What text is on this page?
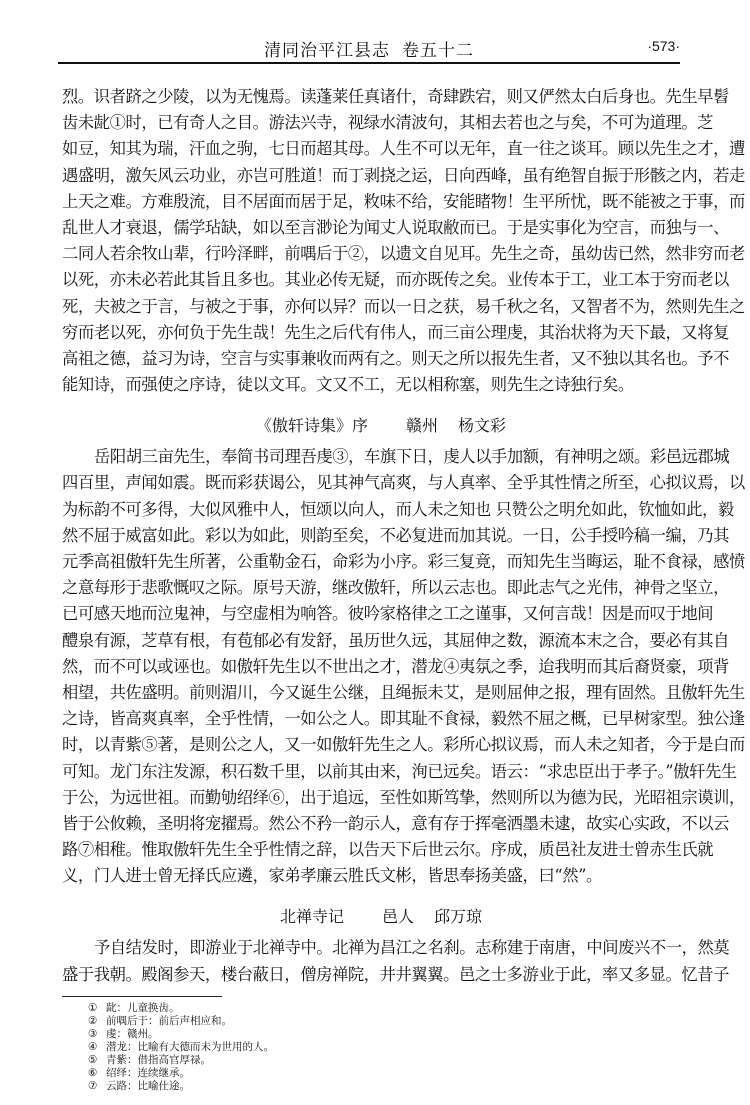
清同治平江县志 卷五十二	·573·
烈。识者跻之少陵，以为无愧焉。读蓬莱任真诸什，奇肆跌宕，则又俨然太白后身也。先生早髫
齿未龀①时，已有奇人之目。游法兴寺，视绿水清波句，其相去若也之与矣，不可为道理。芝
如豆，知其为瑞，汗血之驹，七日而超其母。人生不可以无年，直一往之谈耳。顾以先生之才，遭
遇盛明，激矢风云功业，亦岂可胜道！而丁剥挠之运，日向西峰，虽有绝智自振于形骸之内，若走
上天之难。方难殷流，目不居面而居于足，敉味不给，安能睹物！生平所忧，既不能被之于事，而
乱世人才衰退，儒学玷缺，如以至言渺论为闻丈人说取敝而已。于是实事化为空言，而独与一、
二同人若余牧山辈，行吟泽畔，前喁后于②，以遗文自见耳。先生之奇，虽幼齿已然，然非穷而老
以死，亦未必若此其旨且多也。其业必传无疑，而亦既传之矣。业传本于工，业工本于穷而老以
死，夫被之于言，与被之于事，亦何以异？而以一日之获，易千秋之名，又智者不为，然则先生之
穷而老以死，亦何负于先生哉！先生之后代有伟人，而三亩公理虔，其治状将为天下最，又将复
高祖之德，益习为诗，空言与实事兼收而两有之。则天之所以报先生者，又不独以其名也。予不
能知诗，而强使之序诗，徒以文耳。文又不工，无以相称塞，则先生之诗独行矣。
《傲轩诗集》序 赣州 杨文彩
岳阳胡三亩先生，奉简书司理吾虔③，车旗下日，虔人以手加额，有神明之颂。彩邑远郡城
四百里，声闻如震。既而彩获谒公，见其神气高爽，与人真率、全乎其性情之所至，心拟议焉，以
为标韵不可多得，大似风雅中人，恒颂以向人，而人未之知也 只赞公之明允如此，钦恤如此，毅
然不屈于威富如此。彩以为如此，则韵至矣，不必复进而加其说。一日，公手授吟稿一编，乃其
元季高祖傲轩先生所著，公重勒金石，命彩为小序。彩三复竟，而知先生当晦运，耻不食禄，感愤
之意每形于悲歌慨叹之际。原号天游，继改傲轩，所以云志也。即此志气之光伟，神骨之坚立，
已可感天地而泣鬼神，与空虚相为响答。彼吟家格律之工之谨事，又何言哉！因是而叹于地间
醴泉有源，芝草有根，有苞郁必有发舒，虽历世久远，其屈伸之数，源流本末之合，要必有其自
然，而不可以或诬也。如傲轩先生以不世出之才，潜龙④夷氛之季，迨我明而其后裔贤豪，项背
相望，共佐盛明。前则湄川，今又诞生公继，且绳振未艾，是则屈伸之报，理有固然。且傲轩先生
之诗，皆高爽真率，全乎性情，一如公之人。即其耻不食禄，毅然不屈之概，已早树家型。独公逢
时，以青紫⑤著，是则公之人，又一如傲轩先生之人。彩所心拟议焉，而人未之知者，今于是白而
可知。龙门东注发源，积石数千里，以前其由来，洵已远矣。语云：“求忠臣出于孝子。”傲轩先生
于公，为远世祖。而勤劬绍绎⑥，出于追远，至性如斯笃挚，然则所以为德为民，光昭祖宗谟训，
皆于公攸赖，圣明将宠擢焉。然公不矜一韵示人，意有存于挥毫洒墨未逮，故实心实政，不以云
路⑦相稚。惟取傲轩先生全乎性情之辞，以告天下后世云尔。序成，质邑社友进士曾赤生氏就
义，门人进士曾无择氏应遴，家弟孝廉云胜氏文彬，皆思奉扬美盛，曰“然”。
北禅寺记 邑人 邱万琼
予自结发时，即游业于北禅寺中。北禅为昌江之名刹。志称建于南唐，中间废兴不一，然莫
盛于我朝。殿阁参天，楼台蔽日，僧房禅院，井井翼翼。邑之士多游业于此，率又多显。忆昔子
① 龀：儿童换齿。
② 前喁后于：前后声相应和。
③ 虔：赣州。
④ 潜龙：比喻有大德而未为世用的人。
⑤ 青紫：借指高官厚禄。
⑥ 绍绎：连续继承。
⑦ 云路：比喻仕途。
